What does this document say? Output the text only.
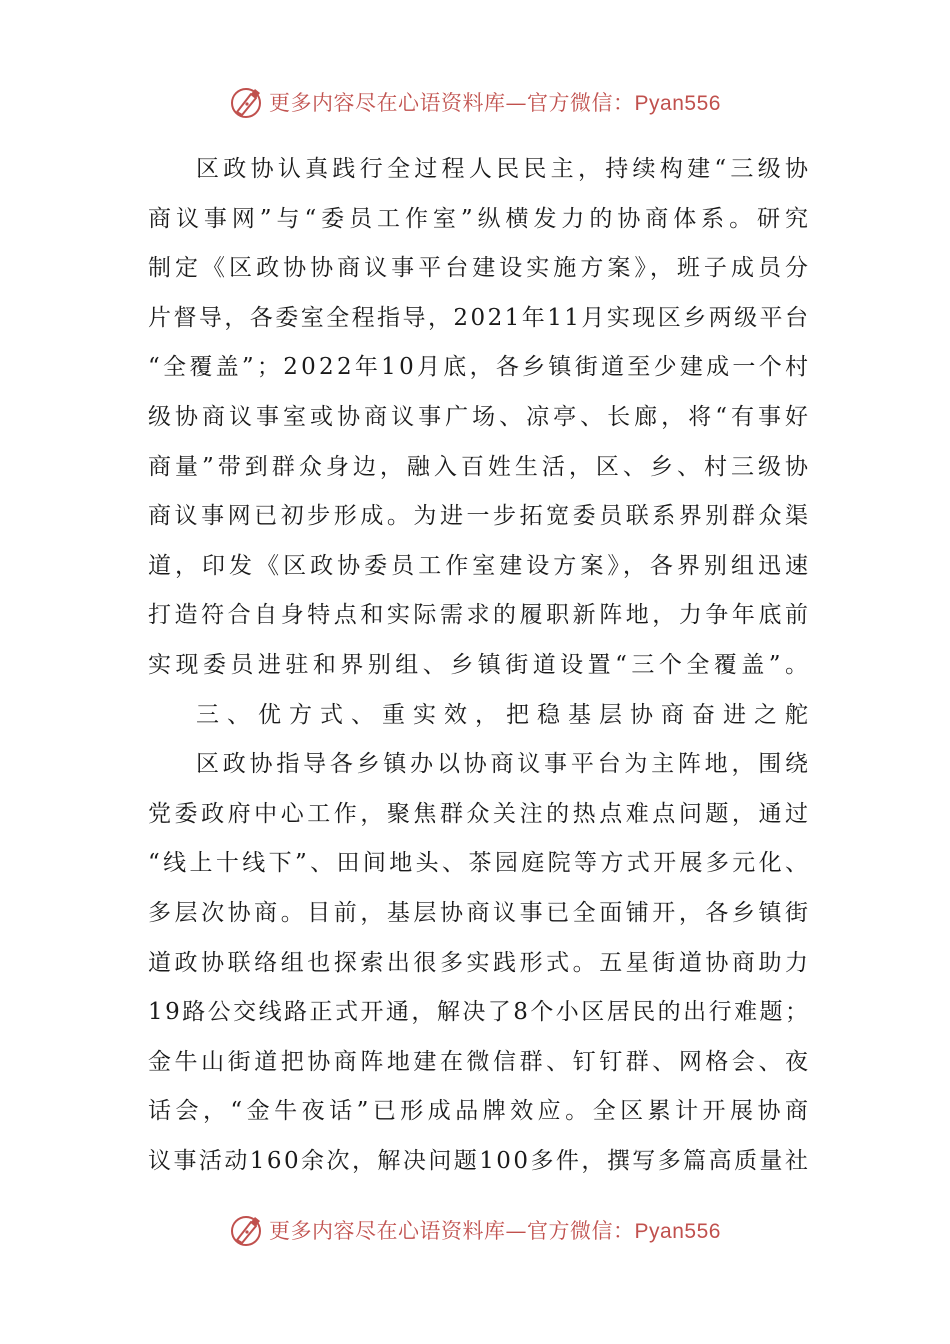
更多内容尽在心语资料库—官方微信：Pyan556
区政协认真践行全过程人民民主，持续构建“三级协
商议事网”与“委员工作室”纵横发力的协商体系。研究
制定《区政协协商议事平台建设实施方案》，班子成员分
片督导，各委室全程指导，2021年11月实现区乡两级平台
“全覆盖”；2022年10月底，各乡镇街道至少建成一个村
级协商议事室或协商议事广场、凉亭、长廊，将“有事好
商量”带到群众身边，融入百姓生活，区、乡、村三级协
商议事网已初步形成。为进一步拓宽委员联系界别群众渠
道，印发《区政协委员工作室建设方案》，各界别组迅速
打造符合自身特点和实际需求的履职新阵地，力争年底前
实现委员进驻和界别组、乡镇街道设置“三个全覆盖”。
三、优方式、重实效，把稳基层协商奋进之舵
区政协指导各乡镇办以协商议事平台为主阵地，围绕
党委政府中心工作，聚焦群众关注的热点难点问题，通过
“线上十线下”、田间地头、茶园庭院等方式开展多元化、
多层次协商。目前，基层协商议事已全面铺开，各乡镇街
道政协联络组也探索出很多实践形式。五星街道协商助力
19路公交线路正式开通，解决了8个小区居民的出行难题；
金牛山街道把协商阵地建在微信群、钉钉群、网格会、夜
话会，“金牛夜话”已形成品牌效应。全区累计开展协商
议事活动160余次，解决问题100多件，撰写多篇高质量社
更多内容尽在心语资料库—官方微信：Pyan556
